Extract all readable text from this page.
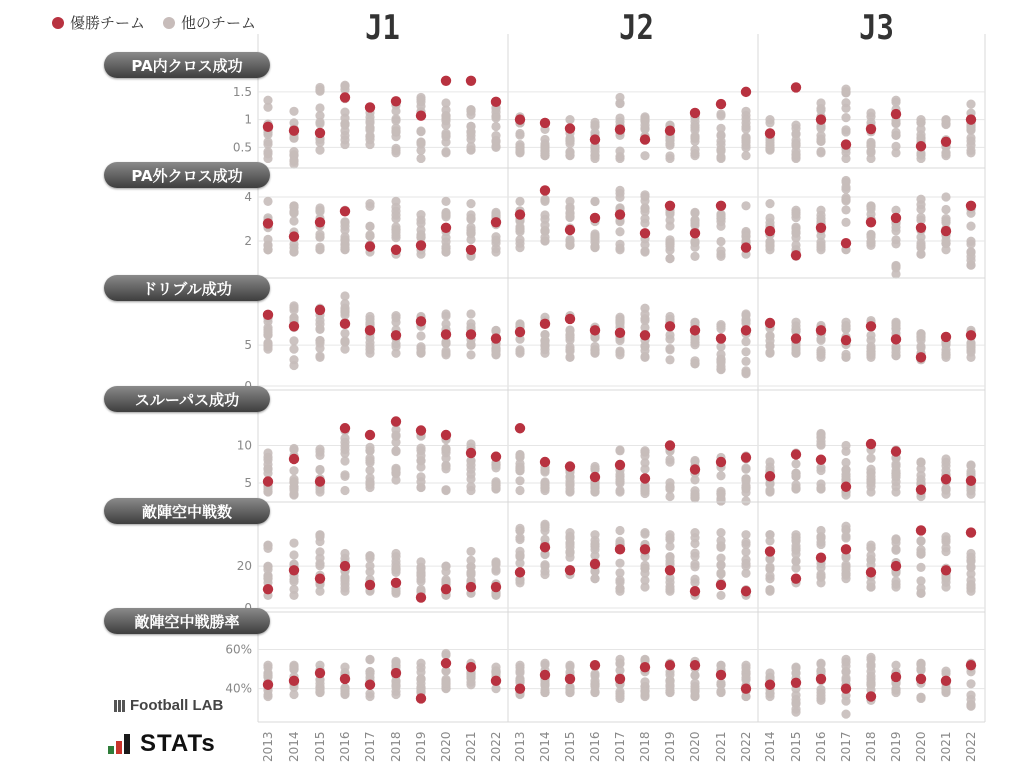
0.5
1
1.5
2
4
5
5
10
20
40%
60%
2013 2014 2015 2016 2017 2018 2019 2020 2021 2022 2013 2014 2015 2016 2017 2018 2019 2020 2021 2022 2014 2015 2016 2017 2018 2019 2020 2021 2022
優勝チーム 他のチーム	J1	J2	J3
PA内クロス成功
PA外クロス成功
ドリブル成功
スルーパス成功
敵陣空中戦数
敵陣空中戦勝率
Football LAB
STATs
